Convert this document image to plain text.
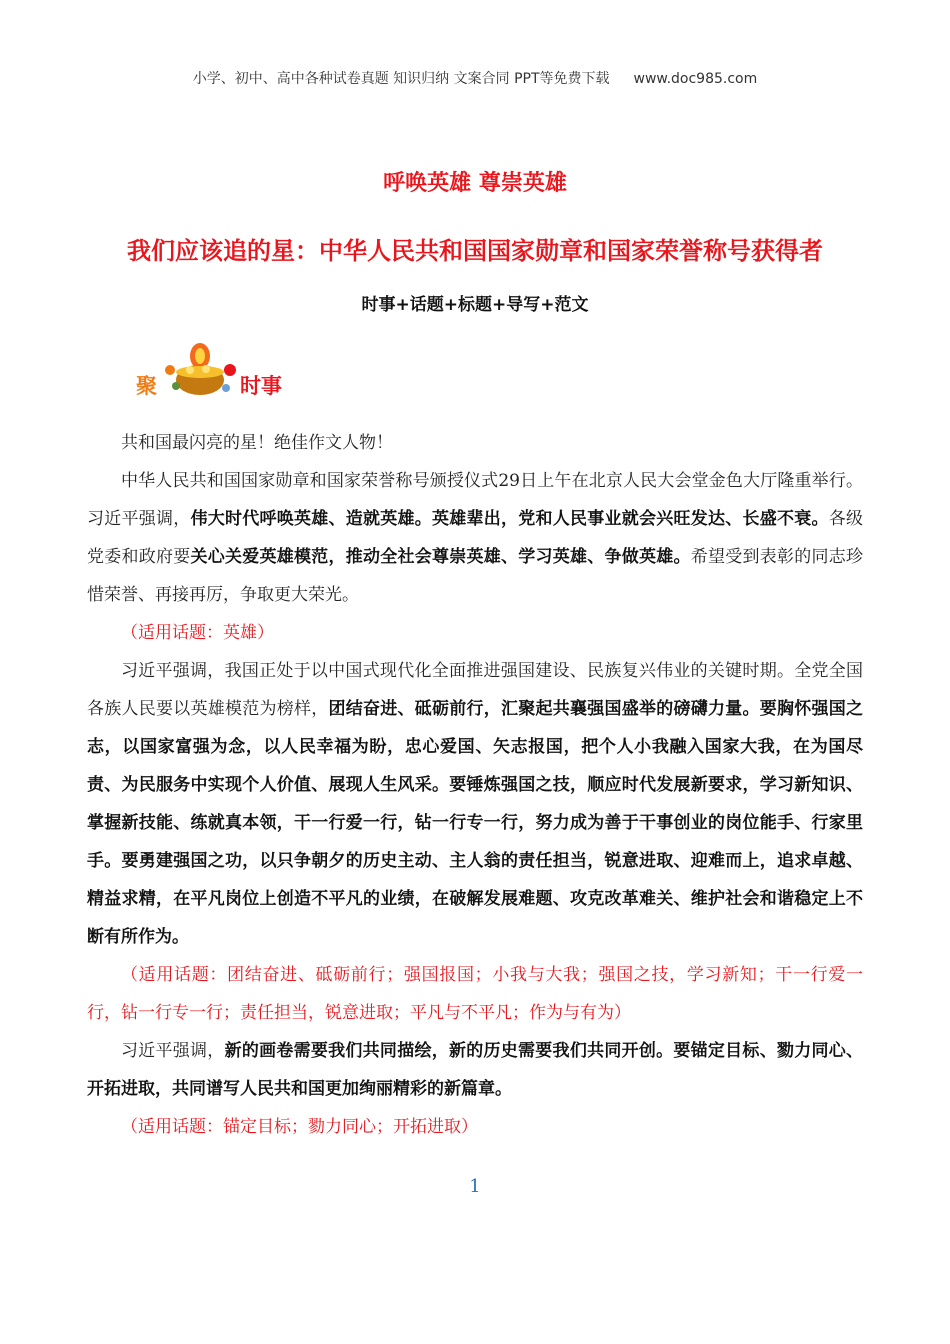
小学、初中、高中各种试卷真题 知识归纳 文案合同 PPT等免费下载 www.doc985.com
呼唤英雄 尊崇英雄
我们应该追的星：中华人民共和国国家勋章和国家荣誉称号获得者
时事+话题+标题+导写+范文
聚	时事

共和国最闪亮的星！绝佳作文人物！

中华人民共和国国家勋章和国家荣誉称号颁授仪式29日上午在北京人民大会堂金色大厅隆重举行。习近平强调，伟大时代呼唤英雄、造就英雄。英雄辈出，党和人民事业就会兴旺发达、长盛不衰。各级党委和政府要关心关爱英雄模范，推动全社会尊崇英雄、学习英雄、争做英雄。希望受到表彰的同志珍惜荣誉、再接再厉，争取更大荣光。

（适用话题：英雄）

习近平强调，我国正处于以中国式现代化全面推进强国建设、民族复兴伟业的关键时期。全党全国各族人民要以英雄模范为榜样，团结奋进、砥砺前行，汇聚起共襄强国盛举的磅礴力量。要胸怀强国之志，以国家富强为念，以人民幸福为盼，忠心爱国、矢志报国，把个人小我融入国家大我，在为国尽责、为民服务中实现个人价值、展现人生风采。要锤炼强国之技，顺应时代发展新要求，学习新知识、掌握新技能、练就真本领，干一行爱一行，钻一行专一行，努力成为善于干事创业的岗位能手、行家里手。要勇建强国之功，以只争朝夕的历史主动、主人翁的责任担当，锐意进取、迎难而上，追求卓越、精益求精，在平凡岗位上创造不平凡的业绩，在破解发展难题、攻克改革难关、维护社会和谐稳定上不断有所作为。

（适用话题：团结奋进、砥砺前行；强国报国；小我与大我；强国之技，学习新知；干一行爱一行，钻一行专一行；责任担当，锐意进取；平凡与不平凡；作为与有为）

习近平强调，新的画卷需要我们共同描绘，新的历史需要我们共同开创。要锚定目标、勠力同心、开拓进取，共同谱写人民共和国更加绚丽精彩的新篇章。

（适用话题：锚定目标；勠力同心；开拓进取）

1
